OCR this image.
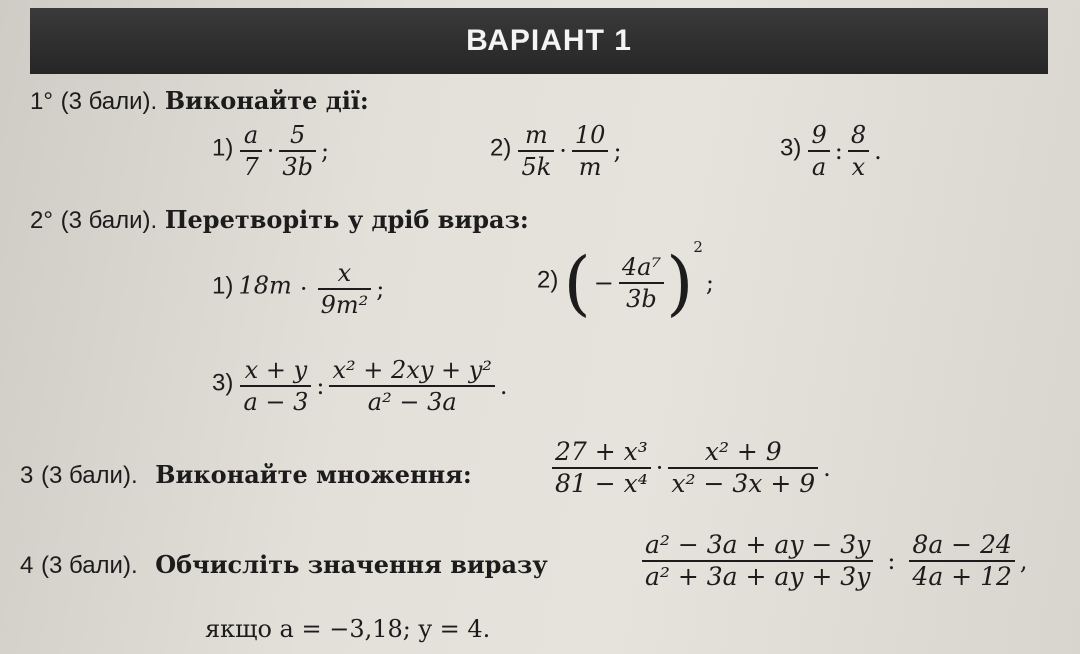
ВАРІАНТ 1
1° (3 бали). Виконайте дії:
$1) \frac{a}{7} \cdot \frac{5}{3b}$ ;	$2) \frac{m}{5k} \cdot \frac{10}{m}$ ;	$3) \frac{9}{a}$ : $\frac{8}{x}$ .
2° (3 бали). Перетворіть у дріб вираз:
1) $18m \cdot \frac{x}{\text{9m²}}$ ;	2) ( − $\frac{\text{4a⁷}}{3b} )2$;
$3) \frac{x + y}{a - 3}$ : $\frac{\text{x² + 2xy + y²}}{\text{a² − 3a}}$ .
3 (3 бали). Виконайте множення:	$\frac{\text{27 + x³}}{\text{81 − x⁴}} \cdot \frac{\text{x² + 9}}{\text{x² − 3x + 9}}$ .
4 (3 бали). Обчисліть значення виразу	$\frac{\text{a² − 3a + ay − 3y}}{\text{a² + 3a + ay + 3y}}$ : $\frac{8a - 24}{4a + 12}$ ,
якщо a = −3,18; y = 4.
